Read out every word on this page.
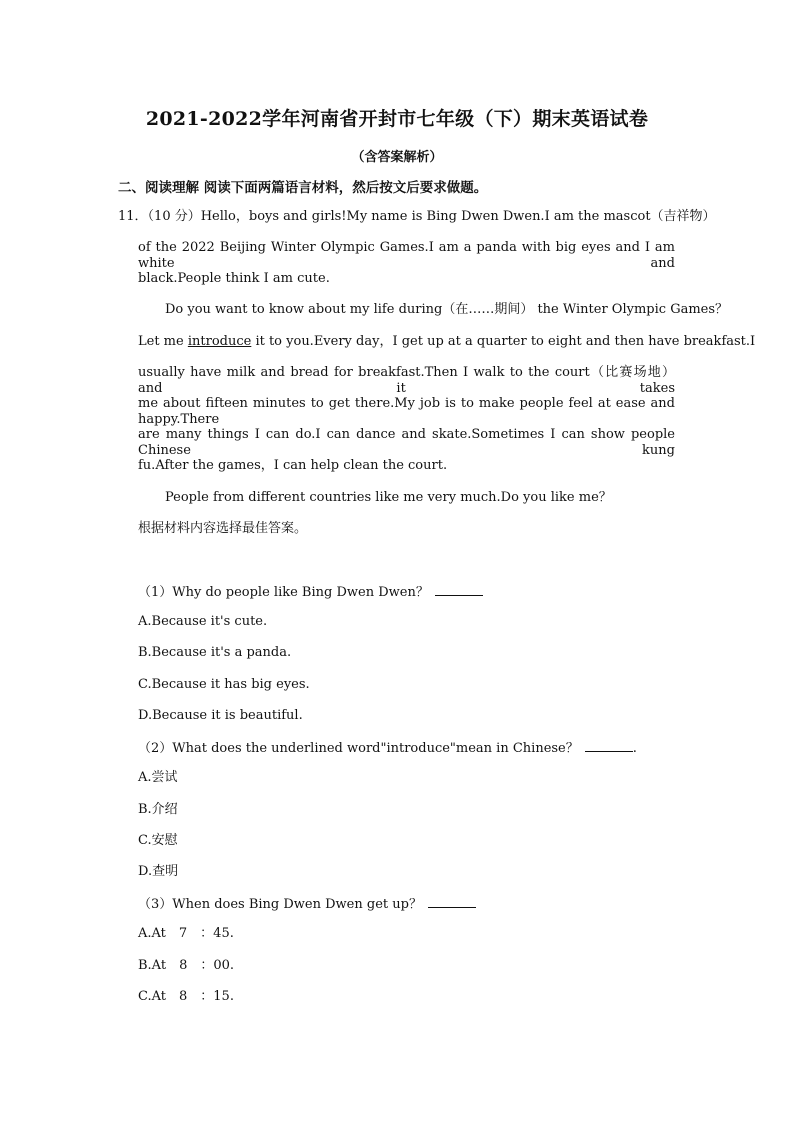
2021-2022学年河南省开封市七年级（下）期末英语试卷
（含答案解析）
二、阅读理解 阅读下面两篇语言材料，然后按文后要求做题。
11．（10 分）Hello，boys and girls!My name is Bing Dwen Dwen.I am the mascot（吉祥物）
of the 2022 Beijing Winter Olympic Games.I am a panda with big eyes and I am white and
black.People think I am cute.
Do you want to know about my life during（在……期间） the Winter Olympic Games？
Let me introduce it to you.Every day，I get up at a quarter to eight and then have breakfast.I
usually have milk and bread for breakfast.Then I walk to the court（比赛场地） and it takes
me about fifteen minutes to get there.My job is to make people feel at ease and happy.There
are many things I can do.I can dance and skate.Sometimes I can show people Chinese kung
fu.After the games，I can help clean the court.
People from different countries like me very much.Do you like me？
根据材料内容选择最佳答案。
（1）Why do people like Bing Dwen Dwen？
A.Because it's cute.
B.Because it's a panda.
C.Because it has big eyes.
D.Because it is beautiful.
（2）What does the underlined word"introduce"mean in Chinese？	.
A.尝试
B.介绍
C.安慰
D.查明
（3）When does Bing Dwen Dwen get up？
A.At　7　：45.
B.At　8　：00.
C.At　8　：15.
